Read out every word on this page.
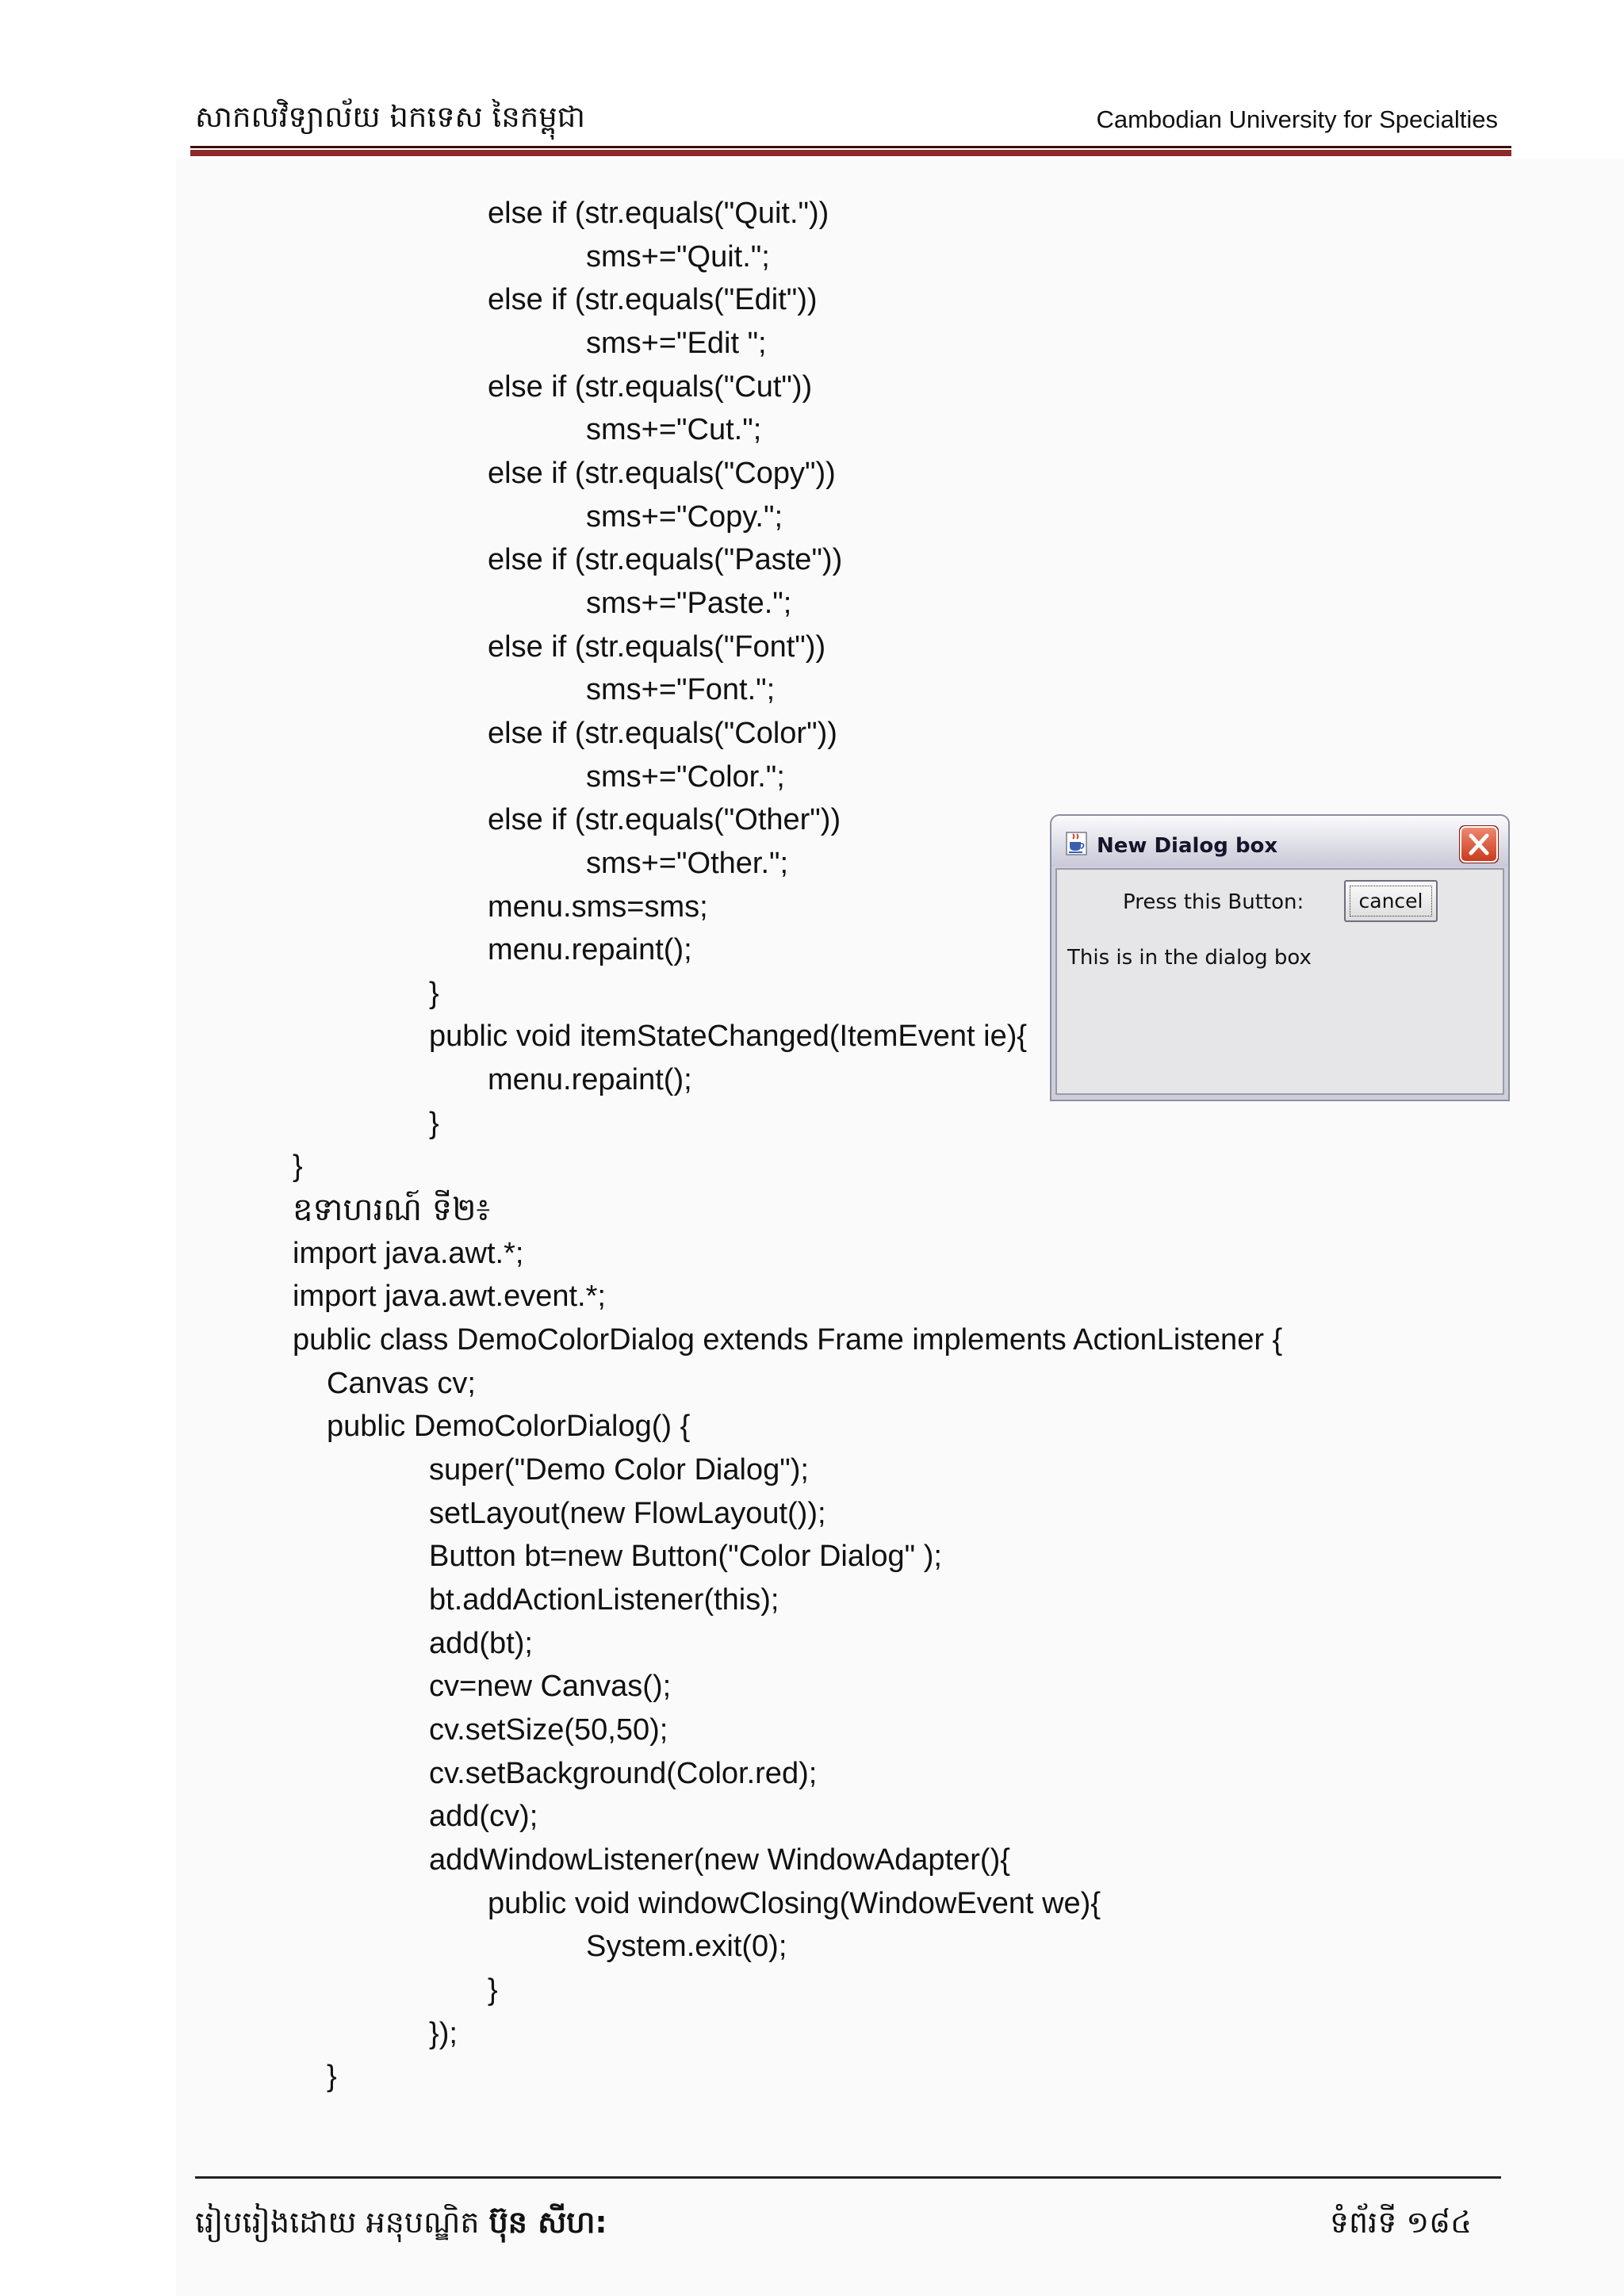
សាកលវិទ្យាល័យ ឯកទេស នៃកម្ពុជា	Cambodian University for Specialties
else if (str.equals("Quit."))
sms+="Quit.";
else if (str.equals("Edit"))
sms+="Edit ";
else if (str.equals("Cut"))
sms+="Cut.";
else if (str.equals("Copy"))
sms+="Copy.";
else if (str.equals("Paste"))
sms+="Paste.";
else if (str.equals("Font"))
sms+="Font.";
else if (str.equals("Color"))
sms+="Color.";
else if (str.equals("Other"))
sms+="Other.";
menu.sms=sms;
menu.repaint();
}
public void itemStateChanged(ItemEvent ie){
menu.repaint();
}
}
ឧទាហរណ៍ ទី២៖
import java.awt.*;
import java.awt.event.*;
public class DemoColorDialog extends Frame implements ActionListener {
Canvas cv;
public DemoColorDialog() {
super("Demo Color Dialog");
setLayout(new FlowLayout());
Button bt=new Button("Color Dialog" );
bt.addActionListener(this);
add(bt);
cv=new Canvas();
cv.setSize(50,50);
cv.setBackground(Color.red);
add(cv);
addWindowListener(new WindowAdapter(){
public void windowClosing(WindowEvent we){
System.exit(0);
}
});
}
New Dialog box
Press this Button:	cancel
This is in the dialog box
រៀបរៀងដោយ អនុបណ្ឌិត ប៊ុន សីហ:	ទំព័រទី ១៨៤
